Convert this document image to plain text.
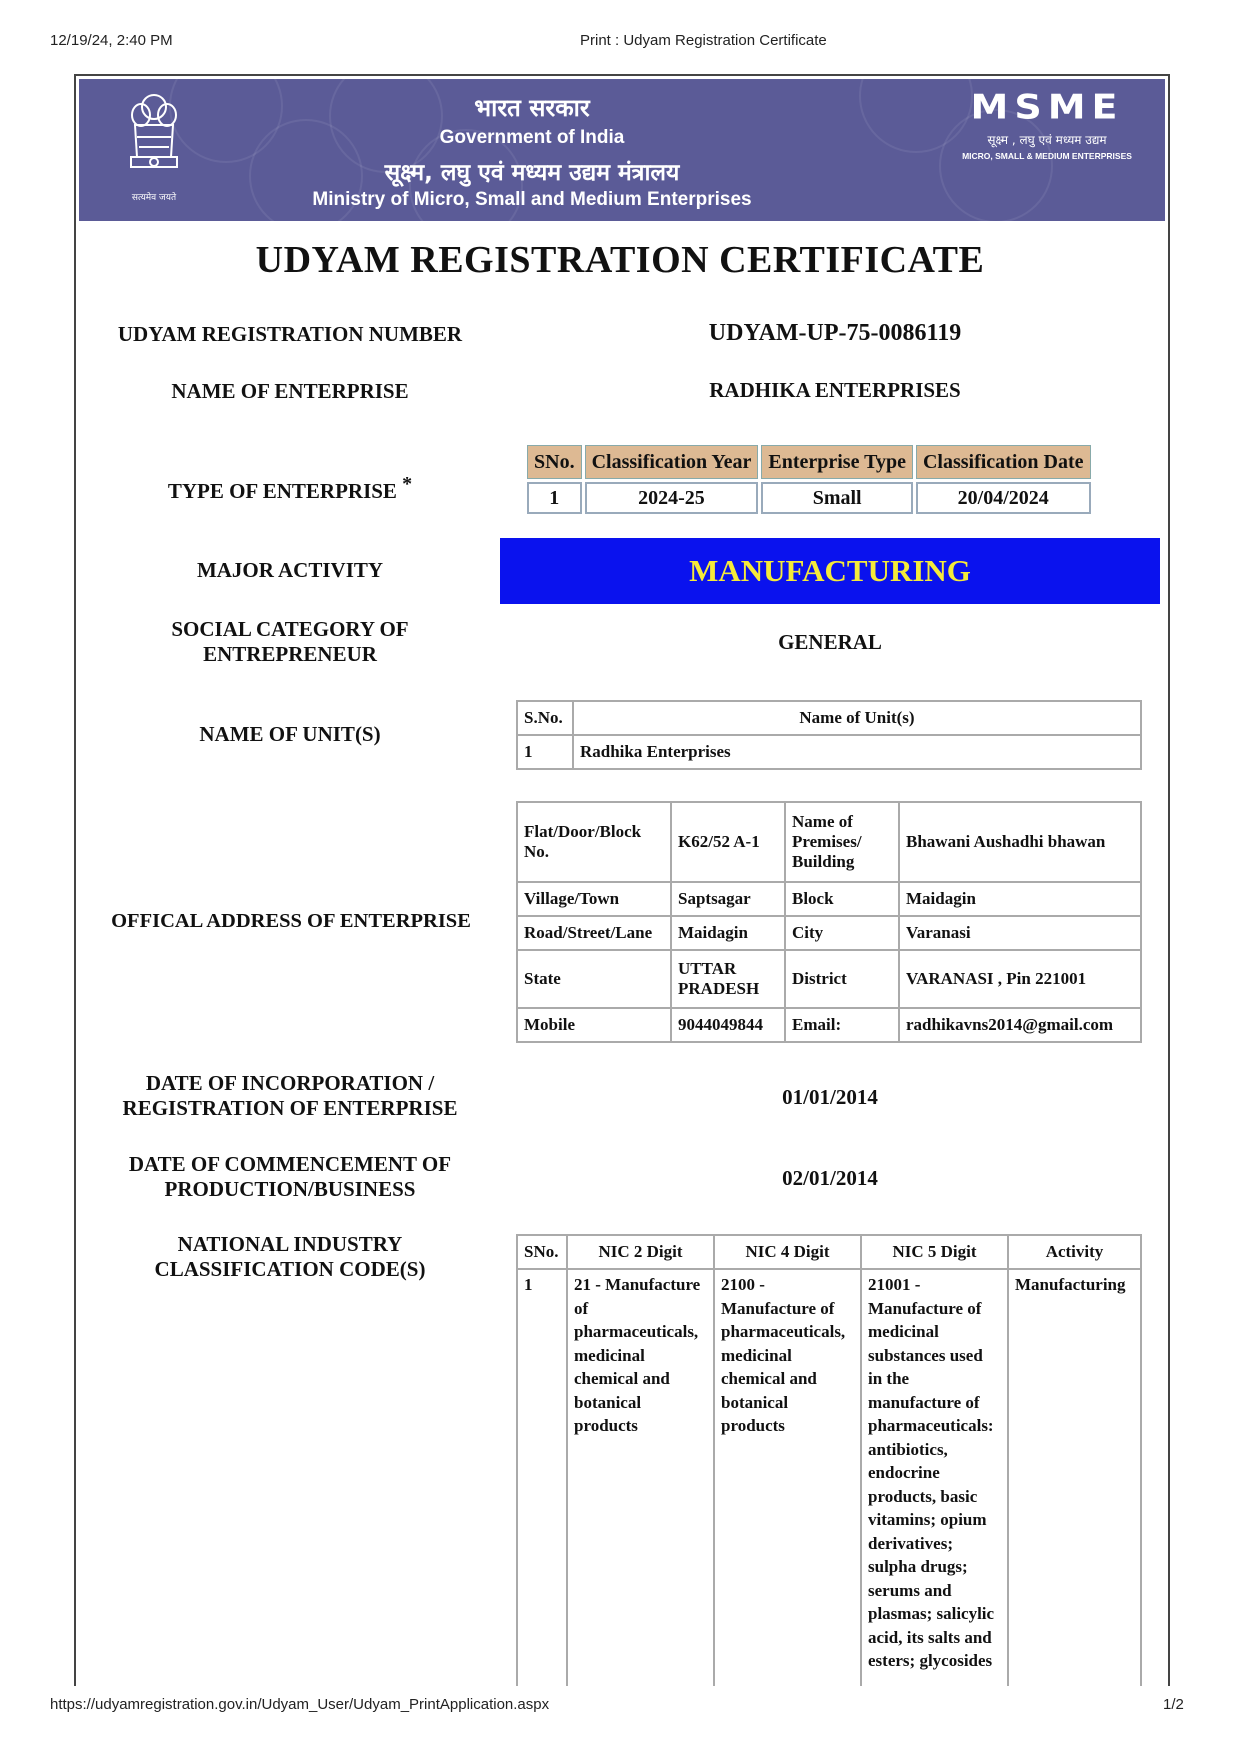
12/19/24, 2:40 PM	Print : Udyam Registration Certificate
सत्यमेव जयते
भारत सरकार
Government of India
सूक्ष्म, लघु एवं मध्यम उद्यम मंत्रालय
Ministry of Micro, Small and Medium Enterprises
MSME
सूक्ष्म , लघु एवं मध्यम उद्यम
MICRO, SMALL & MEDIUM ENTERPRISES
UDYAM REGISTRATION CERTIFICATE
UDYAM REGISTRATION NUMBER	UDYAM-UP-75-0086119
NAME OF ENTERPRISE	RADHIKA ENTERPRISES
TYPE OF ENTERPRISE *
SNo.	Classification Year	Enterprise Type	Classification Date
1	2024-25	Small	20/04/2024
MAJOR ACTIVITY	MANUFACTURING
SOCIAL CATEGORY OF
ENTREPRENEUR	GENERAL
NAME OF UNIT(S)
S.No.	Name of Unit(s)
1	Radhika Enterprises
OFFICAL ADDRESS OF ENTERPRISE
Flat/Door/Block No.	K62/52 A-1	Name of Premises/ Building	Bhawani Aushadhi bhawan
Village/Town	Saptsagar	Block	Maidagin
Road/Street/Lane	Maidagin	City	Varanasi
State	UTTAR PRADESH	District	VARANASI , Pin 221001
Mobile	9044049844	Email:	radhikavns2014@gmail.com
DATE OF INCORPORATION /
REGISTRATION OF ENTERPRISE	01/01/2014
DATE OF COMMENCEMENT OF
PRODUCTION/BUSINESS	02/01/2014
NATIONAL INDUSTRY
CLASSIFICATION CODE(S)
SNo.	NIC 2 Digit	NIC 4 Digit	NIC 5 Digit	Activity
1	21 - Manufacture of pharmaceuticals, medicinal chemical and botanical products	2100 - Manufacture of pharmaceuticals, medicinal chemical and botanical products	21001 - Manufacture of medicinal substances used in the manufacture of pharmaceuticals: antibiotics, endocrine products, basic vitamins; opium derivatives; sulpha drugs; serums and plasmas; salicylic acid, its salts and esters; glycosides	Manufacturing
https://udyamregistration.gov.in/Udyam_User/Udyam_PrintApplication.aspx	1/2
